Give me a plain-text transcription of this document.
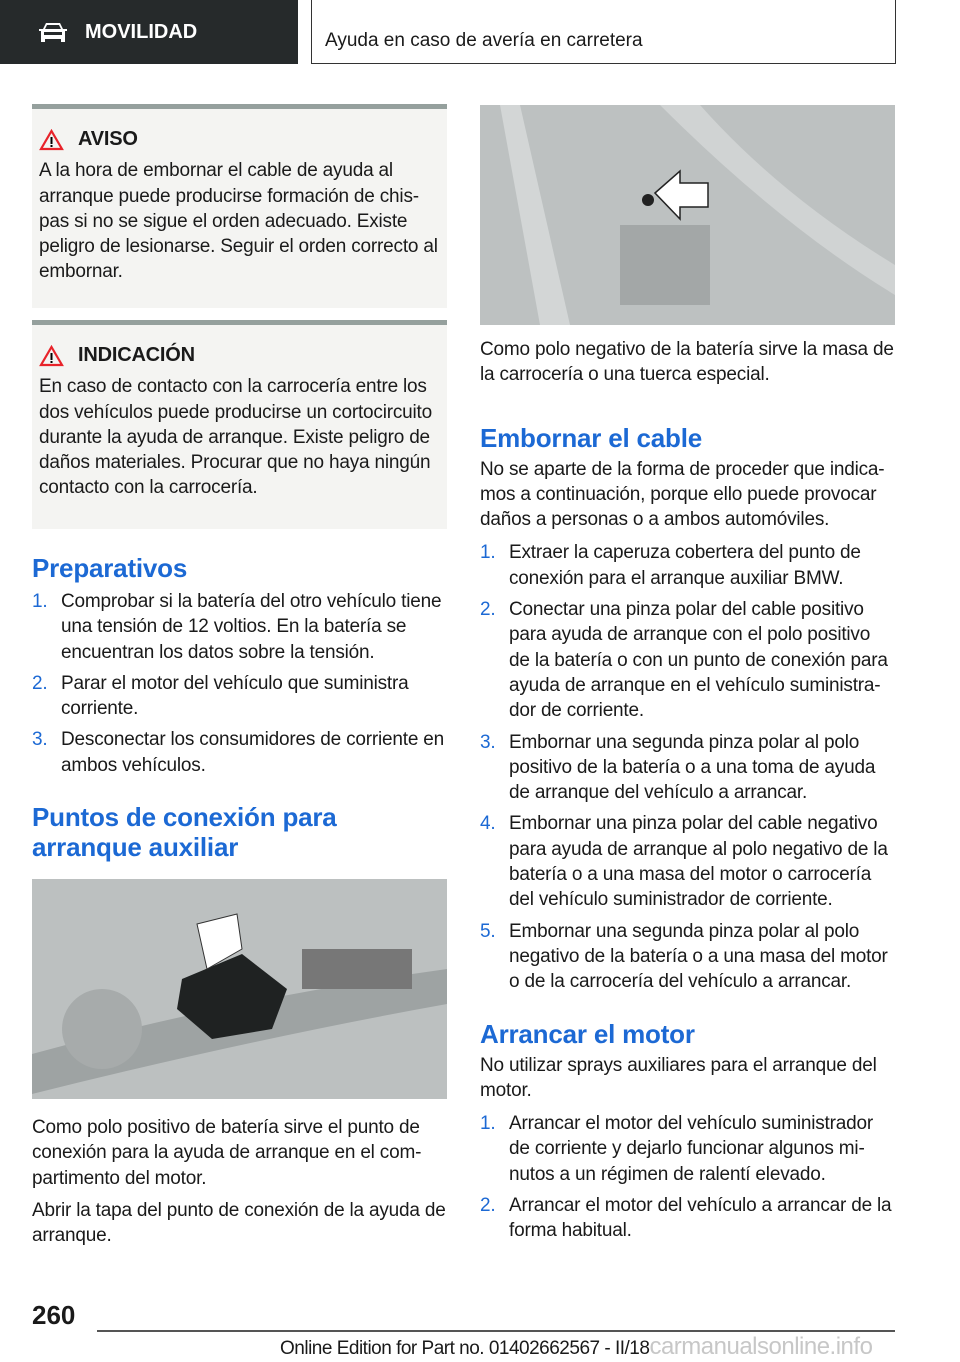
MOVILIDAD	Ayuda en caso de avería en carretera
AVISO

A la hora de embornar el cable de ayuda al arranque puede producirse formación de chispas si no se sigue el orden adecuado. Existe peligro de lesionarse. Seguir el orden correcto al embornar.

INDICACIÓN

En caso de contacto con la carrocería entre los dos vehículos puede producirse un cortocircuito durante la ayuda de arranque. Existe peligro de daños materiales. Procurar que no haya ningún contacto con la carrocería.

Preparativos
1. Comprobar si la batería del otro vehículo tiene una tensión de 12 voltios. En la batería se encuentran los datos sobre la tensión.
2. Parar el motor del vehículo que suministra corriente.
3. Desconectar los consumidores de corriente en ambos vehículos.
Puntos de conexión para arranque auxiliar

Como polo positivo de batería sirve el punto de conexión para la ayuda de arranque en el compartimento del motor.

Abrir la tapa del punto de conexión de la ayuda de arranque.

Como polo negativo de la batería sirve la masa de la carrocería o una tuerca especial.

Embornar el cable

No se aparte de la forma de proceder que indicamos a continuación, porque ello puede provocar daños a personas o a ambos automóviles.

1. Extraer la caperuza cobertera del punto de conexión para el arranque auxiliar BMW.
2. Conectar una pinza polar del cable positivo para ayuda de arranque con el polo positivo de la batería o con un punto de conexión para ayuda de arranque en el vehículo suministrador de corriente.
3. Embornar una segunda pinza polar al polo positivo de la batería o a una toma de ayuda de arranque del vehículo a arrancar.
4. Embornar una pinza polar del cable negativo para ayuda de arranque al polo negativo de la batería o a una masa del motor o carrocería del vehículo suministrador de corriente.
5. Embornar una segunda pinza polar al polo negativo de la batería o a una masa del motor o de la carrocería del vehículo a arrancar.
Arrancar el motor

No utilizar sprays auxiliares para el arranque del motor.

1. Arrancar el motor del vehículo suministrador de corriente y dejarlo funcionar algunos minutos a un régimen de ralentí elevado.
2. Arrancar el motor del vehículo a arrancar de la forma habitual.
260
Online Edition for Part no. 01402662567 - II/18carmanualsonline.info
